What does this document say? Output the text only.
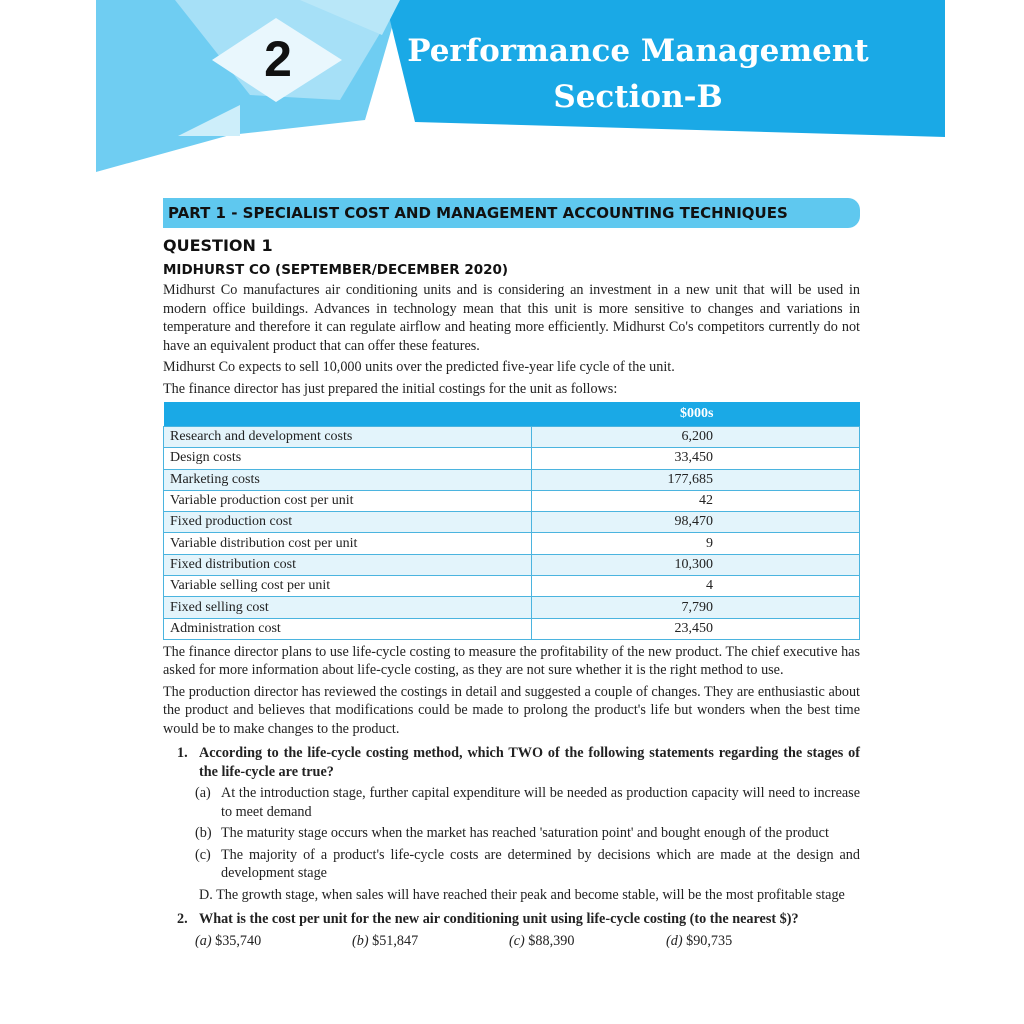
2	Performance Management
Section-B
PART 1 - SPECIALIST COST AND MANAGEMENT ACCOUNTING TECHNIQUES
QUESTION 1
MIDHURST CO (SEPTEMBER/DECEMBER 2020)

Midhurst Co manufactures air conditioning units and is considering an investment in a new unit that will be used in modern office buildings. Advances in technology mean that this unit is more sensitive to changes and variations in temperature and therefore it can regulate airflow and heating more efficiently. Midhurst Co's competitors currently do not have an equivalent product that can offer these features.

Midhurst Co expects to sell 10,000 units over the predicted five-year life cycle of the unit.

The finance director has just prepared the initial costings for the unit as follows:

	$000s
Research and development costs	6,200
Design costs	33,450
Marketing costs	177,685
Variable production cost per unit	42
Fixed production cost	98,470
Variable distribution cost per unit	9
Fixed distribution cost	10,300
Variable selling cost per unit	4
Fixed selling cost	7,790
Administration cost	23,450

The finance director plans to use life-cycle costing to measure the profitability of the new product. The chief executive has asked for more information about life-cycle costing, as they are not sure whether it is the right method to use.

The production director has reviewed the costings in detail and suggested a couple of changes. They are enthusiastic about the product and believes that modifications could be made to prolong the product's life but wonders when the best time would be to make changes to the product.

1. According to the life-cycle costing method, which TWO of the following statements regarding the stages of the life-cycle are true?
(a) At the introduction stage, further capital expenditure will be needed as production capacity will need to increase to meet demand
(b) The maturity stage occurs when the market has reached 'saturation point' and bought enough of the product
(c) The majority of a product's life-cycle costs are determined by decisions which are made at the design and development stage
D. The growth stage, when sales will have reached their peak and become stable, will be the most profitable stage
2. What is the cost per unit for the new air conditioning unit using life-cycle costing (to the nearest $)?
(a) $35,740	(b) $51,847	(c) $88,390	(d) $90,735
